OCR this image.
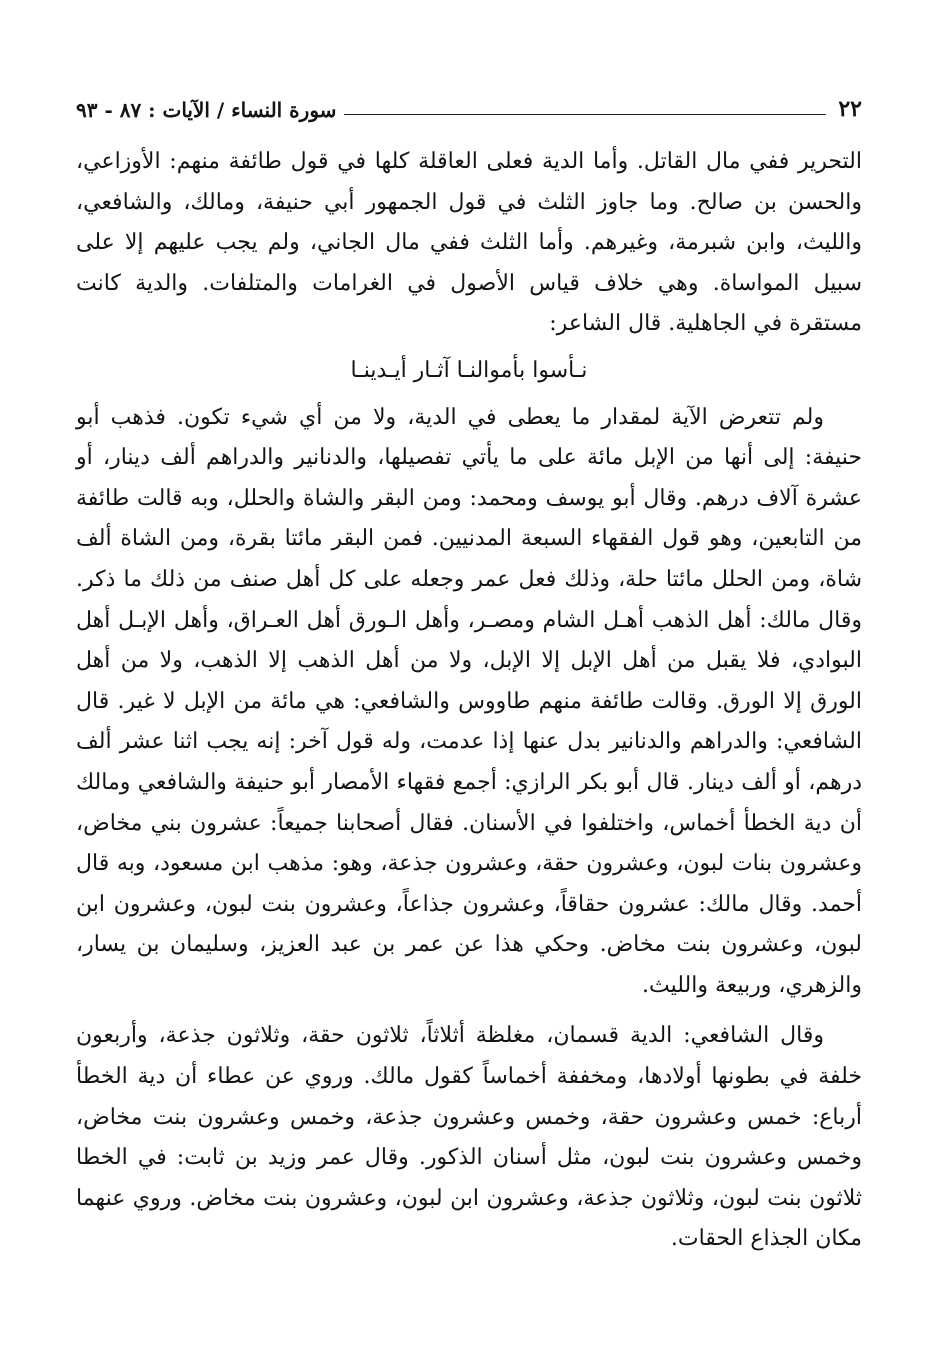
٢٢
سورة النساء / الآيات : ٨٧ - ٩٣

التحرير ففي مال القاتل. وأما الدية فعلى العاقلة كلها في قول طائفة منهم: الأوزاعي، والحسن بن صالح. وما جاوز الثلث في قول الجمهور أبي حنيفة، ومالك، والشافعي، والليث، وابن شبرمة، وغيرهم. وأما الثلث ففي مال الجاني، ولم يجب عليهم إلا على سبيل المواساة. وهي خلاف قياس الأصول في الغرامات والمتلفات. والدية كانت مستقرة في الجاهلية. قال الشاعر:

نـأسوا بأموالنـا آثـار أيـدينـا

ولم تتعرض الآية لمقدار ما يعطى في الدية، ولا من أي شيء تكون. فذهب أبو حنيفة: إلى أنها من الإبل مائة على ما يأتي تفصيلها، والدنانير والدراهم ألف دينار، أو عشرة آلاف درهم. وقال أبو يوسف ومحمد: ومن البقر والشاة والحلل، وبه قالت طائفة من التابعين، وهو قول الفقهاء السبعة المدنيين. فمن البقر مائتا بقرة، ومن الشاة ألف شاة، ومن الحلل مائتا حلة، وذلك فعل عمر وجعله على كل أهل صنف من ذلك ما ذكر. وقال مالك: أهل الذهب أهـل الشام ومصـر، وأهل الـورق أهل العـراق، وأهل الإبـل أهل البوادي، فلا يقبل من أهل الإبل إلا الإبل، ولا من أهل الذهب إلا الذهب، ولا من أهل الورق إلا الورق. وقالت طائفة منهم طاووس والشافعي: هي مائة من الإبل لا غير. قال الشافعي: والدراهم والدنانير بدل عنها إذا عدمت، وله قول آخر: إنه يجب اثنا عشر ألف درهم، أو ألف دينار. قال أبو بكر الرازي: أجمع فقهاء الأمصار أبو حنيفة والشافعي ومالك أن دية الخطأ أخماس، واختلفوا في الأسنان. فقال أصحابنا جميعاً: عشرون بني مخاض، وعشرون بنات لبون، وعشرون حقة، وعشرون جذعة، وهو: مذهب ابن مسعود، وبه قال أحمد. وقال مالك: عشرون حقاقاً، وعشرون جذاعاً، وعشرون بنت لبون، وعشرون ابن لبون، وعشرون بنت مخاض. وحكي هذا عن عمر بن عبد العزيز، وسليمان بن يسار، والزهري، وربيعة والليث.

وقال الشافعي: الدية قسمان، مغلظة أثلاثاً، ثلاثون حقة، وثلاثون جذعة، وأربعون خلفة في بطونها أولادها، ومخففة أخماساً كقول مالك. وروي عن عطاء أن دية الخطأ أرباع: خمس وعشرون حقة، وخمس وعشرون جذعة، وخمس وعشرون بنت مخاض، وخمس وعشرون بنت لبون، مثل أسنان الذكور. وقال عمر وزيد بن ثابت: في الخطا ثلاثون بنت لبون، وثلاثون جذعة، وعشرون ابن لبون، وعشرون بنت مخاض. وروي عنهما مكان الجذاع الحقات.
